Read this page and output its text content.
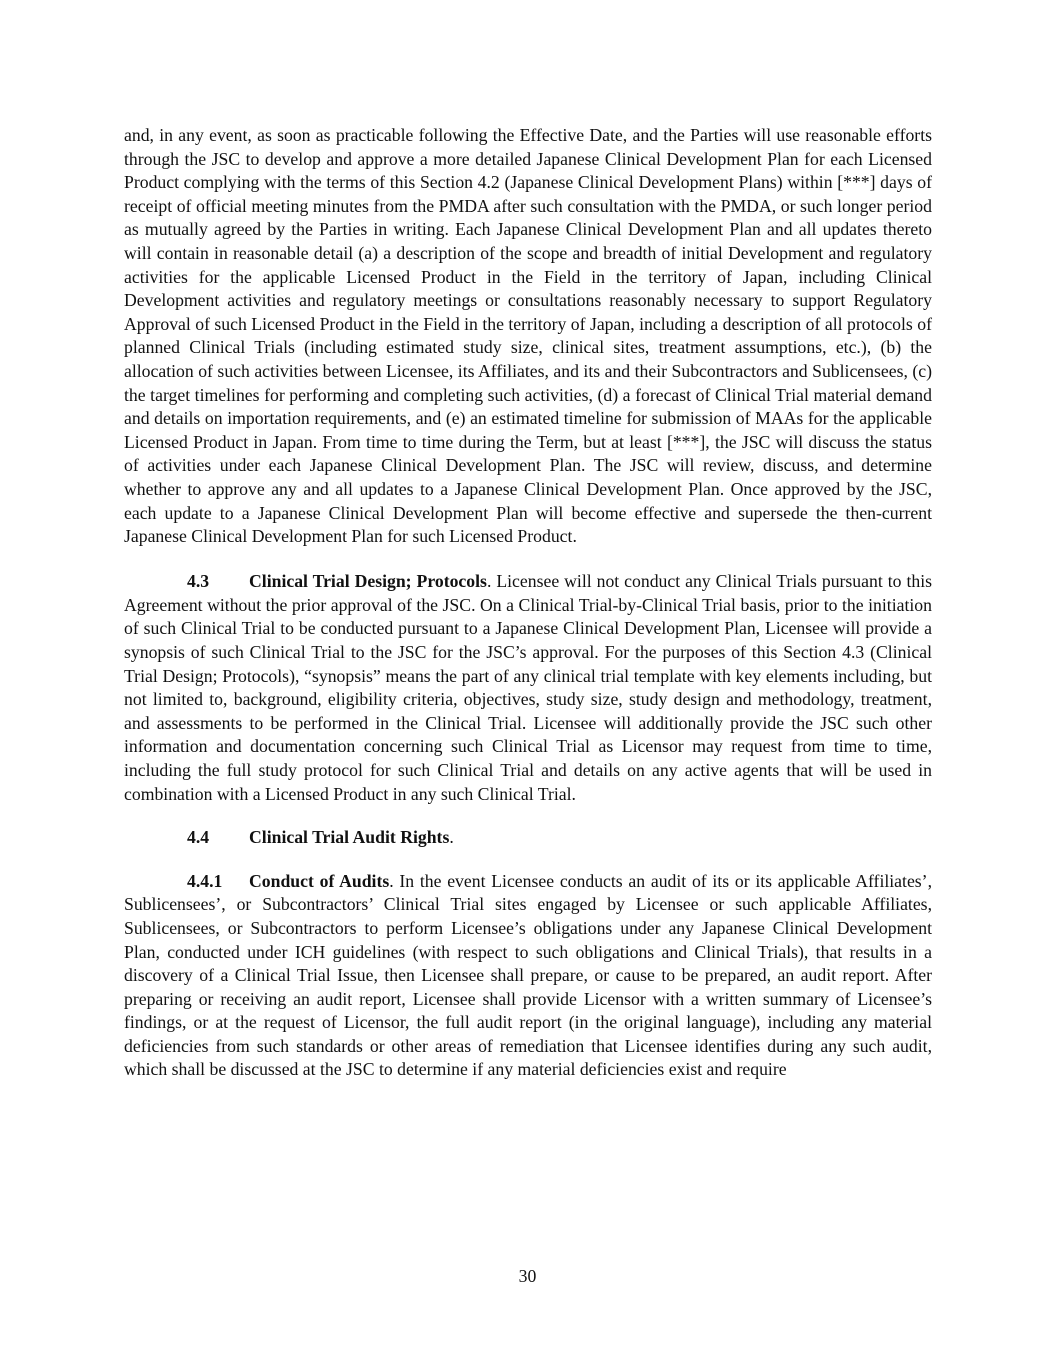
and, in any event, as soon as practicable following the Effective Date, and the Parties will use reasonable efforts through the JSC to develop and approve a more detailed Japanese Clinical Development Plan for each Licensed Product complying with the terms of this Section 4.2 (Japanese Clinical Development Plans) within [***] days of receipt of official meeting minutes from the PMDA after such consultation with the PMDA, or such longer period as mutually agreed by the Parties in writing. Each Japanese Clinical Development Plan and all updates thereto will contain in reasonable detail (a) a description of the scope and breadth of initial Development and regulatory activities for the applicable Licensed Product in the Field in the territory of Japan, including Clinical Development activities and regulatory meetings or consultations reasonably necessary to support Regulatory Approval of such Licensed Product in the Field in the territory of Japan, including a description of all protocols of planned Clinical Trials (including estimated study size, clinical sites, treatment assumptions, etc.), (b) the allocation of such activities between Licensee, its Affiliates, and its and their Subcontractors and Sublicensees, (c) the target timelines for performing and completing such activities, (d) a forecast of Clinical Trial material demand and details on importation requirements, and (e) an estimated timeline for submission of MAAs for the applicable Licensed Product in Japan. From time to time during the Term, but at least [***], the JSC will discuss the status of activities under each Japanese Clinical Development Plan. The JSC will review, discuss, and determine whether to approve any and all updates to a Japanese Clinical Development Plan. Once approved by the JSC, each update to a Japanese Clinical Development Plan will become effective and supersede the then-current Japanese Clinical Development Plan for such Licensed Product.

4.3 Clinical Trial Design; Protocols. Licensee will not conduct any Clinical Trials pursuant to this Agreement without the prior approval of the JSC. On a Clinical Trial-by-Clinical Trial basis, prior to the initiation of such Clinical Trial to be conducted pursuant to a Japanese Clinical Development Plan, Licensee will provide a synopsis of such Clinical Trial to the JSC for the JSC’s approval. For the purposes of this Section 4.3 (Clinical Trial Design; Protocols), “synopsis” means the part of any clinical trial template with key elements including, but not limited to, background, eligibility criteria, objectives, study size, study design and methodology, treatment, and assessments to be performed in the Clinical Trial. Licensee will additionally provide the JSC such other information and documentation concerning such Clinical Trial as Licensor may request from time to time, including the full study protocol for such Clinical Trial and details on any active agents that will be used in combination with a Licensed Product in any such Clinical Trial.

4.4 Clinical Trial Audit Rights.

4.4.1 Conduct of Audits. In the event Licensee conducts an audit of its or its applicable Affiliates’, Sublicensees’, or Subcontractors’ Clinical Trial sites engaged by Licensee or such applicable Affiliates, Sublicensees, or Subcontractors to perform Licensee’s obligations under any Japanese Clinical Development Plan, conducted under ICH guidelines (with respect to such obligations and Clinical Trials), that results in a discovery of a Clinical Trial Issue, then Licensee shall prepare, or cause to be prepared, an audit report. After preparing or receiving an audit report, Licensee shall provide Licensor with a written summary of Licensee’s findings, or at the request of Licensor, the full audit report (in the original language), including any material deficiencies from such standards or other areas of remediation that Licensee identifies during any such audit, which shall be discussed at the JSC to determine if any material deficiencies exist and require

30
